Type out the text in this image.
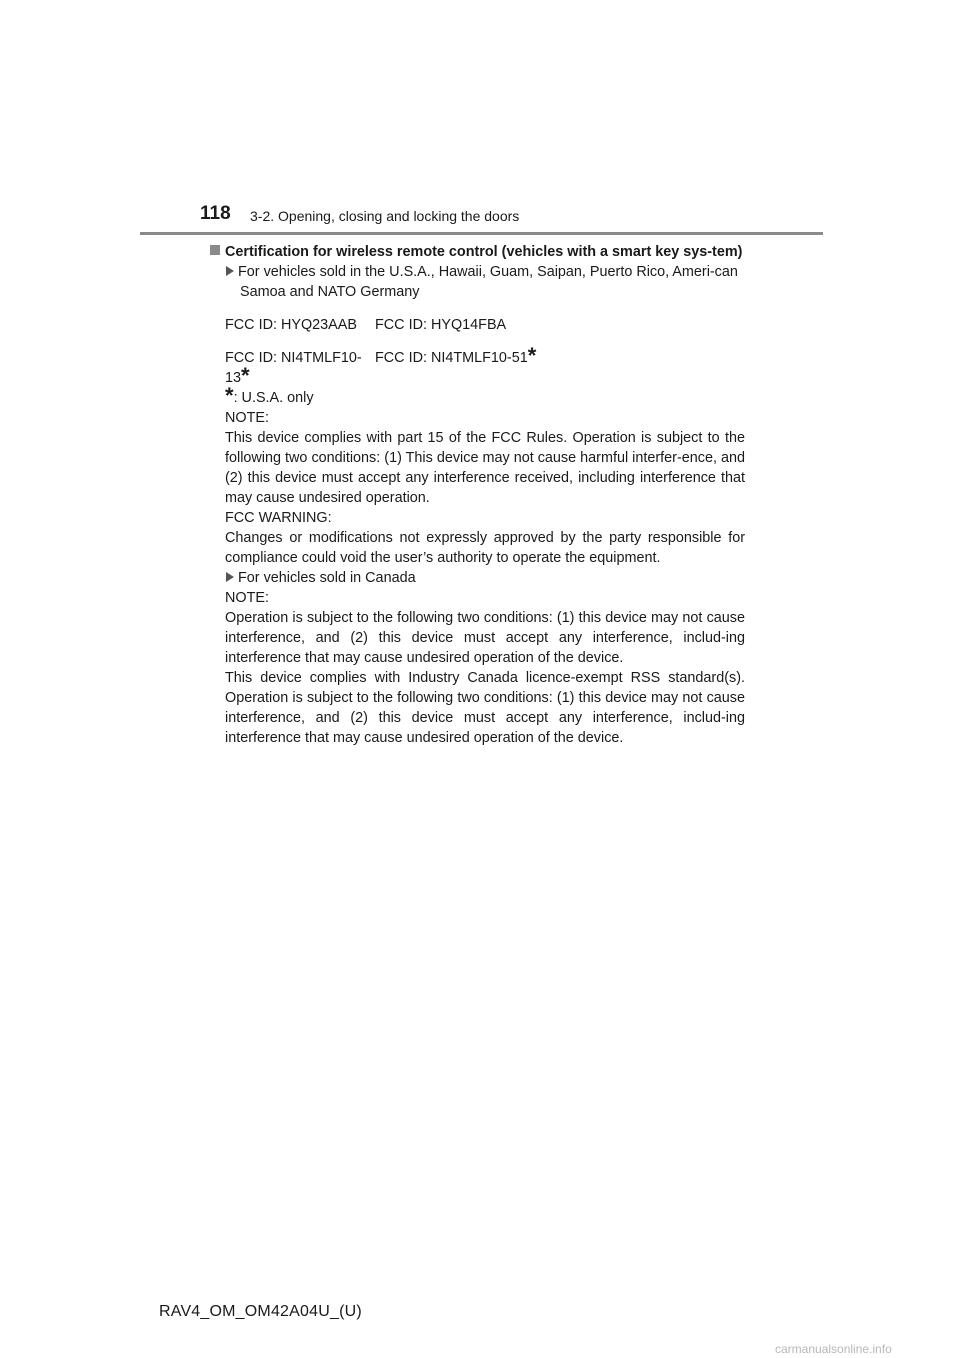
118 3-2. Opening, closing and locking the doors

Certification for wireless remote control (vehicles with a smart key sys-tem)

For vehicles sold in the U.S.A., Hawaii, Guam, Saipan, Puerto Rico, Ameri-can Samoa and NATO Germany

FCC ID: HYQ23AAB	FCC ID: HYQ14FBA
FCC ID: NI4TMLF10-13*
FCC ID: NI4TMLF10-51*

*: U.S.A. only

NOTE:
This device complies with part 15 of the FCC Rules. Operation is subject to the following two conditions: (1) This device may not cause harmful interfer-ence, and (2) this device must accept any interference received, including interference that may cause undesired operation.

FCC WARNING:
Changes or modifications not expressly approved by the party responsible for compliance could void the user’s authority to operate the equipment.

For vehicles sold in Canada

NOTE:
Operation is subject to the following two conditions: (1) this device may not cause interference, and (2) this device must accept any interference, includ-ing interference that may cause undesired operation of the device.

This device complies with Industry Canada licence-exempt RSS standard(s). Operation is subject to the following two conditions: (1) this device may not cause interference, and (2) this device must accept any interference, includ-ing interference that may cause undesired operation of the device.

RAV4_OM_OM42A04U_(U)
carmanualsonline.info
